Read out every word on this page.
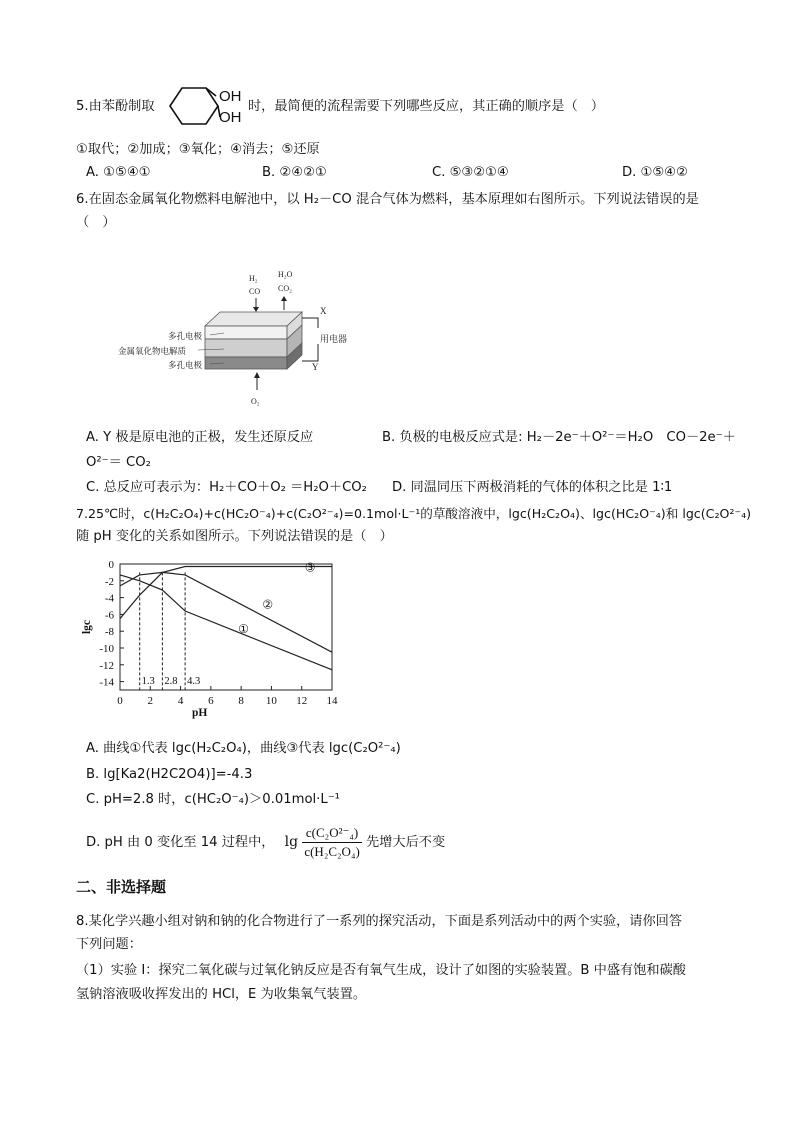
5.由苯酚制取
OH
OH
时，最简便的流程需要下列哪些反应，其正确的顺序是（　）
①取代；②加成；③氧化；④消去；⑤还原
A. ①⑤④①	B. ②④②①	C. ⑤③②①④	D. ①⑤④②
6.在固态金属氧化物燃料电解池中，以 H₂－CO 混合气体为燃料，基本原理如右图所示。下列说法错误的是
（　）
H₂
CO
H₂O
CO₂
X
用电器
Y
多孔电极
金属氧化物电解质
多孔电极
O₂
A. Y 极是原电池的正极，发生还原反应	B. 负极的电极反应式是: H₂－2e⁻＋O²⁻＝H₂O　CO－2e⁻＋
O²⁻＝ CO₂
C. 总反应可表示为：H₂＋CO＋O₂ ＝H₂O＋CO₂ D. 同温同压下两极消耗的气体的体积之比是 1∶1
7.25℃时，c(H₂C₂O₄)+c(HC₂O⁻₄)+c(C₂O²⁻₄)=0.1mol·L⁻¹的草酸溶液中，lgc(H₂C₂O₄)、lgc(HC₂O⁻₄)和 lgc(C₂O²⁻₄)
随 pH 变化的关系如图所示。下列说法错误的是（　）
0
-2
-4
-6
-8
-10
-12
-14
0 2 4 6 8 10 12 14
pH
lgc
1.3 2.8 4.3
①
②
③
A. 曲线①代表 lgc(H₂C₂O₄)，曲线③代表 lgc(C₂O²⁻₄)
B. lg[Ka2(H2C2O4)]=-4.3
C. pH=2.8 时，c(HC₂O⁻₄)＞0.01mol·L⁻¹
D. pH 由 0 变化至 14 过程中， $\lg \frac{\text{c(C₂O²⁻₄)}}{\text{c(H₂C₂O₄)}}$ 先增大后不变
二、非选择题
8.某化学兴趣小组对钠和钠的化合物进行了一系列的探究活动，下面是系列活动中的两个实验，请你回答
下列问题：
（1）实验 I：探究二氧化碳与过氧化钠反应是否有氧气生成，设计了如图的实验装置。B 中盛有饱和碳酸
氢钠溶液吸收挥发出的 HCl，E 为收集氧气装置。
